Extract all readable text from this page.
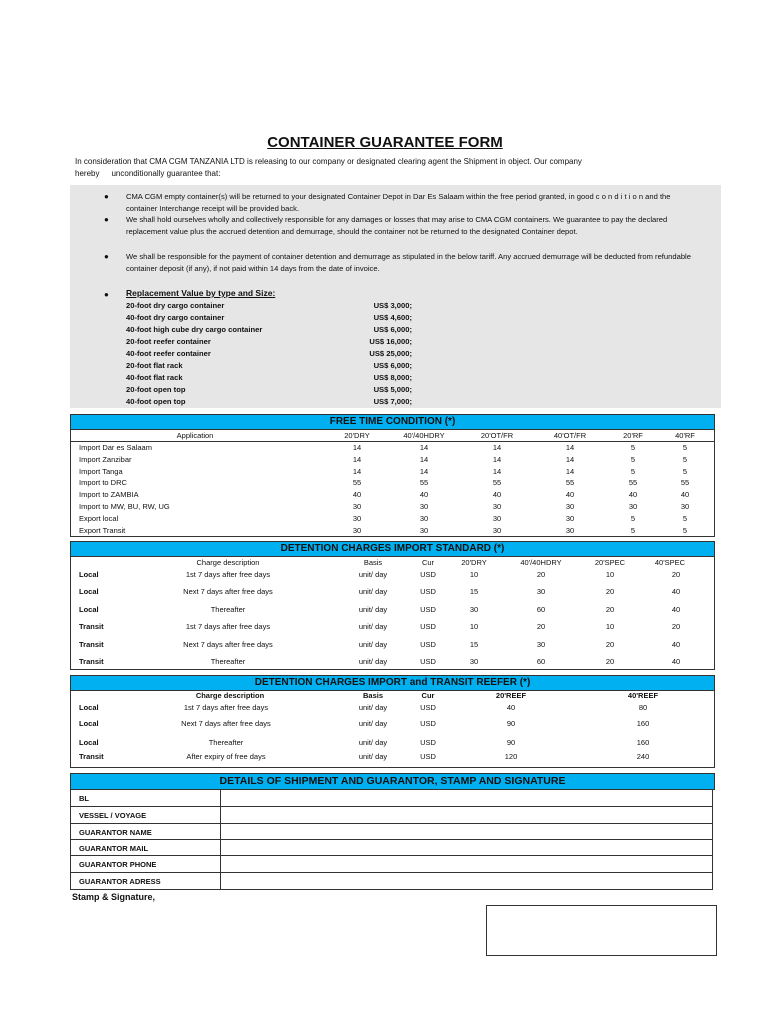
CONTAINER GUARANTEE FORM
In consideration that CMA CGM TANZANIA LTD is releasing to our company or designated clearing agent the Shipment in object. Our company
hereby unconditionally guarantee that:
● CMA CGM empty container(s) will be returned to your designated Container Depot in Dar Es Salaam within the free period granted, in good c o n d i t i o n and the container Interchange receipt will be provided back.
● We shall hold ourselves wholly and collectively responsible for any damages or losses that may arise to CMA CGM containers. We guarantee to pay the declared replacement value plus the accrued detention and demurrage, should the container not be returned to the designated Container depot.
● We shall be responsible for the payment of container detention and demurrage as stipulated in the below tariff. Any accrued demurrage will be deducted from refundable container deposit (if any), if not paid within 14 days from the date of invoice.
● Replacement Value by type and Size:
20-foot dry cargo container	US$ 3,000;
40-foot dry cargo container	US$ 4,600;
40-foot high cube dry cargo container	US$ 6,000;
20-foot reefer container	US$ 16,000;
40-foot reefer container	US$ 25,000;
20-foot flat rack	US$ 6,000;
40-foot flat rack	US$ 8,000;
20-foot open top	US$ 5,000;
40-foot open top	US$ 7,000;
FREE TIME CONDITION (*)
Application	20'DRY	40'/40HDRY	20'OT/FR	40'OT/FR	20'RF	40'RF
Import Dar es Salaam	14	14	14	14	5	5
Import Zanzibar	14	14	14	14	5	5
Import Tanga	14	14	14	14	5	5
Import to DRC	55	55	55	55	55	55
Import to ZAMBIA	40	40	40	40	40	40
Import to MW, BU, RW, UG	30	30	30	30	30	30
Export local	30	30	30	30	5	5
Export Transit	30	30	30	30	5	5
DETENTION CHARGES IMPORT STANDARD (*)
Charge description	Basis	Cur	20'DRY	40'/40HDRY	20'SPEC	40'SPEC
Local	1st 7 days after free days	unit/ day	USD	10	20	10	20
Local	Next 7 days after free days	unit/ day	USD	15	30	20	40
Local	Thereafter	unit/ day	USD	30	60	20	40
Transit	1st 7 days after free days	unit/ day	USD	10	20	10	20
Transit	Next 7 days after free days	unit/ day	USD	15	30	20	40
Transit	Thereafter	unit/ day	USD	30	60	20	40
DETENTION CHARGES IMPORT and TRANSIT REEFER (*)
Charge description	Basis	Cur	20'REEF	40'REEF
Local	1st 7 days after free days	unit/ day	USD	40	80
Local	Next 7 days after free days	unit/ day	USD	90	160
Local	Thereafter	unit/ day	USD	90	160
Transit	After expiry of free days	unit/ day	USD	120	240
DETAILS OF SHIPMENT AND GUARANTOR, STAMP AND SIGNATURE
BL
VESSEL / VOYAGE
GUARANTOR NAME
GUARANTOR MAIL
GUARANTOR PHONE
GUARANTOR ADRESS
Stamp & Signature,
